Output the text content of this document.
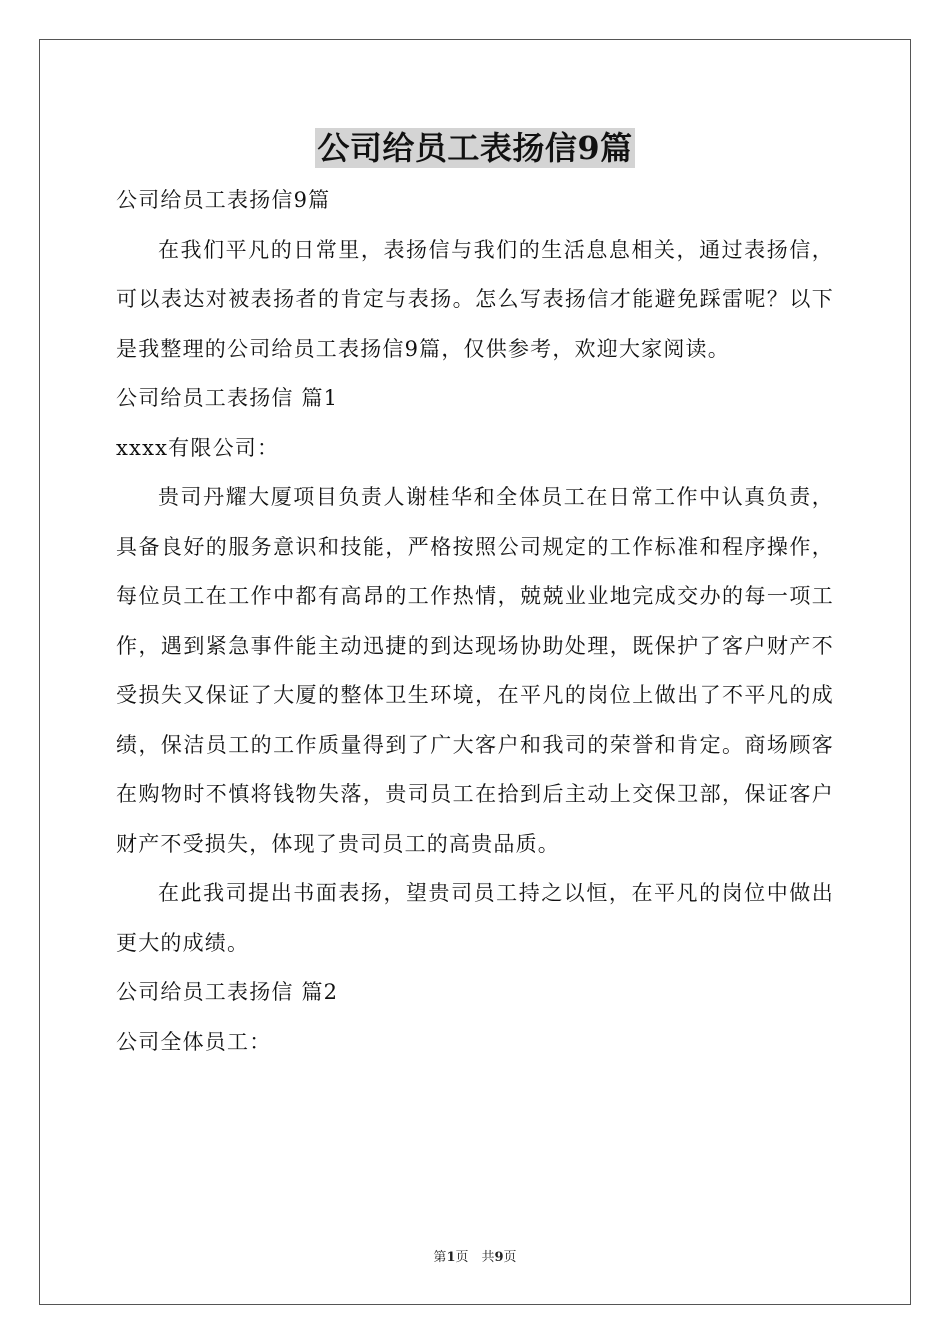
公司给员工表扬信9篇

公司给员工表扬信9篇

在我们平凡的日常里，表扬信与我们的生活息息相关，通过表扬信，可以表达对被表扬者的肯定与表扬。怎么写表扬信才能避免踩雷呢？以下是我整理的公司给员工表扬信9篇，仅供参考，欢迎大家阅读。

公司给员工表扬信 篇1

xxxx有限公司：

贵司丹耀大厦项目负责人谢桂华和全体员工在日常工作中认真负责，具备良好的服务意识和技能，严格按照公司规定的工作标准和程序操作，每位员工在工作中都有高昂的工作热情，兢兢业业地完成交办的每一项工作，遇到紧急事件能主动迅捷的到达现场协助处理，既保护了客户财产不受损失又保证了大厦的整体卫生环境，在平凡的岗位上做出了不平凡的成绩，保洁员工的工作质量得到了广大客户和我司的荣誉和肯定。商场顾客在购物时不慎将钱物失落，贵司员工在拾到后主动上交保卫部，保证客户财产不受损失，体现了贵司员工的高贵品质。

在此我司提出书面表扬，望贵司员工持之以恒，在平凡的岗位中做出更大的成绩。

公司给员工表扬信 篇2

公司全体员工：

第1页　共9页
